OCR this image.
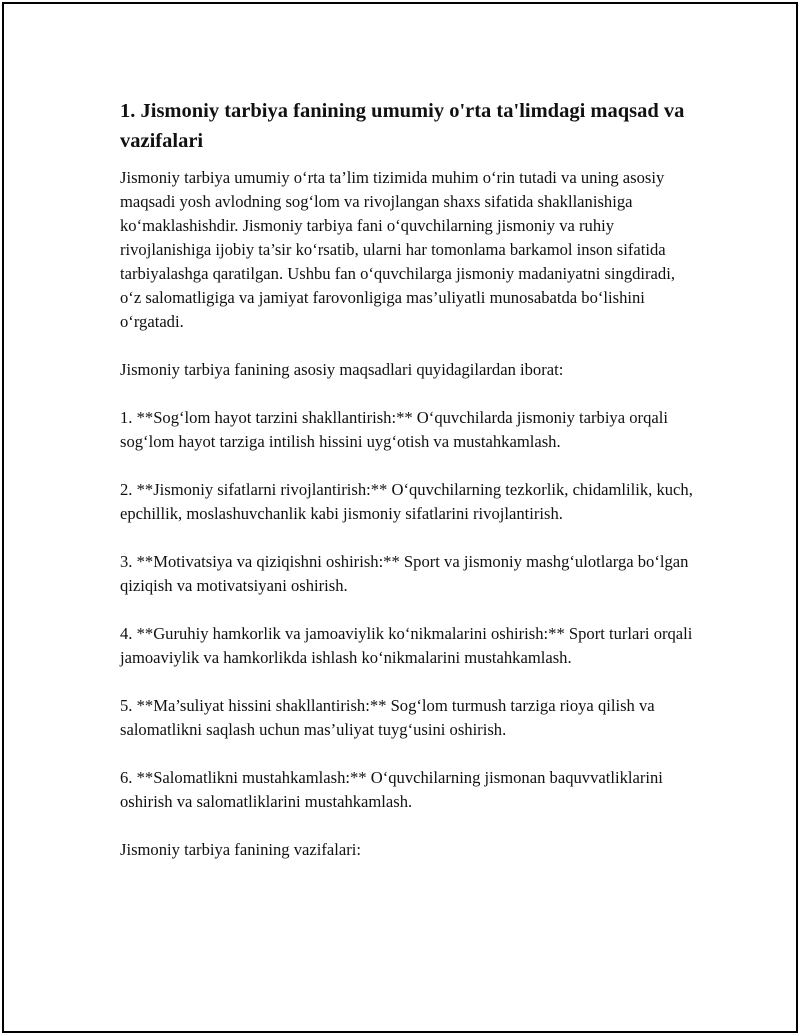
1. Jismoniy tarbiya fanining umumiy o'rta ta'limdagi maqsad va vazifalari

Jismoniy tarbiya umumiy o‘rta ta’lim tizimida muhim o‘rin tutadi va uning asosiy maqsadi yosh avlodning sog‘lom va rivojlangan shaxs sifatida shakllanishiga ko‘maklashishdir. Jismoniy tarbiya fani o‘quvchilarning jismoniy va ruhiy rivojlanishiga ijobiy ta’sir ko‘rsatib, ularni har tomonlama barkamol inson sifatida tarbiyalashga qaratilgan. Ushbu fan o‘quvchilarga jismoniy madaniyatni singdiradi, o‘z salomatligiga va jamiyat farovonligiga mas’uliyatli munosabatda bo‘lishini o‘rgatadi.

Jismoniy tarbiya fanining asosiy maqsadlari quyidagilardan iborat:

1. **Sog‘lom hayot tarzini shakllantirish:** O‘quvchilarda jismoniy tarbiya orqali sog‘lom hayot tarziga intilish hissini uyg‘otish va mustahkamlash.

2. **Jismoniy sifatlarni rivojlantirish:** O‘quvchilarning tezkorlik, chidamlilik, kuch, epchillik, moslashuvchanlik kabi jismoniy sifatlarini rivojlantirish.

3. **Motivatsiya va qiziqishni oshirish:** Sport va jismoniy mashg‘ulotlarga bo‘lgan qiziqish va motivatsiyani oshirish.

4. **Guruhiy hamkorlik va jamoaviylik ko‘nikmalarini oshirish:** Sport turlari orqali jamoaviylik va hamkorlikda ishlash ko‘nikmalarini mustahkamlash.

5. **Ma’suliyat hissini shakllantirish:** Sog‘lom turmush tarziga rioya qilish va salomatlikni saqlash uchun mas’uliyat tuyg‘usini oshirish.

6. **Salomatlikni mustahkamlash:** O‘quvchilarning jismonan baquvvatliklarini oshirish va salomatliklarini mustahkamlash.

Jismoniy tarbiya fanining vazifalari:
